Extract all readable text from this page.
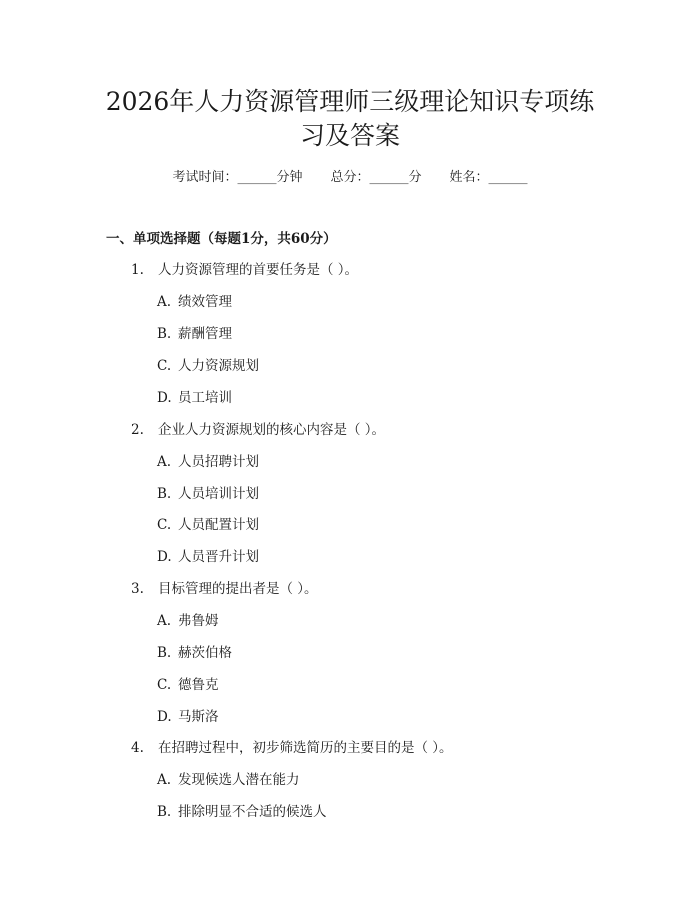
2026年人力资源管理师三级理论知识专项练
习及答案
考试时间：______分钟 总分：______分 姓名：______
一、单项选择题（每题1分，共60分）
1. 人力资源管理的首要任务是（ ）。
A. 绩效管理
B. 薪酬管理
C. 人力资源规划
D. 员工培训
2. 企业人力资源规划的核心内容是（ ）。
A. 人员招聘计划
B. 人员培训计划
C. 人员配置计划
D. 人员晋升计划
3. 目标管理的提出者是（ ）。
A. 弗鲁姆
B. 赫茨伯格
C. 德鲁克
D. 马斯洛
4. 在招聘过程中，初步筛选简历的主要目的是（ ）。
A. 发现候选人潜在能力
B. 排除明显不合适的候选人
